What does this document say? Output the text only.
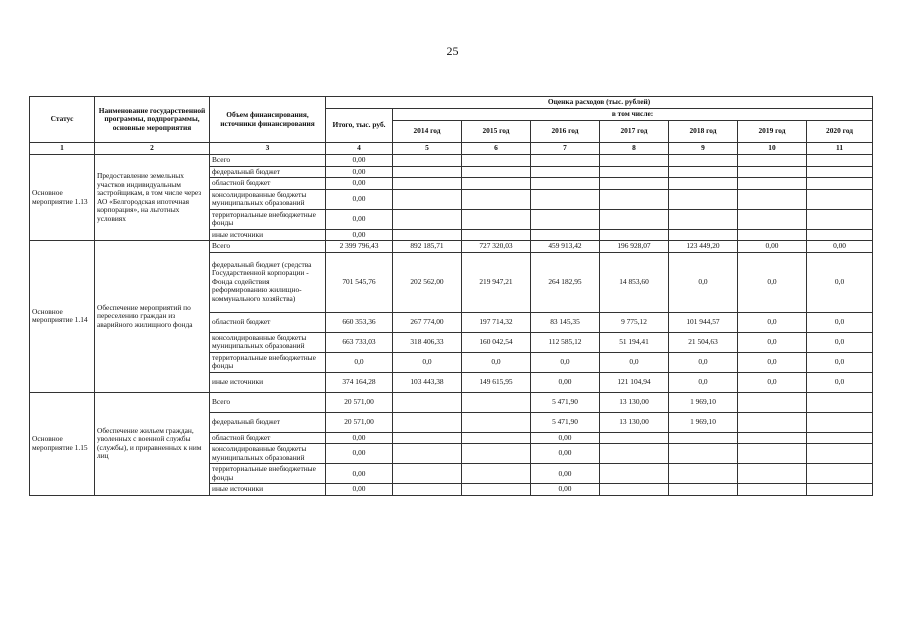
25
Статус	Наименование государственной программы, подпрограммы, основные мероприятия	Объем финансирования, источники финансирования	Оценка расходов (тыс. рублей)							
			Итого, тыс. руб.	в том числе:						
				2014 год	2015 год	2016 год	2017 год	2018 год	2019 год	2020 год
1	2	3	4	5	6	7	8	9	10	11
Основное мероприятие 1.13	Предоставление земельных участков индивидуальным застройщикам, в том числе через АО «Белгородская ипотечная корпорация», на льготных условиях	Всего	0,00							
		федеральный бюджет	0,00							
		областной бюджет	0,00							
		консолидированные бюджеты муниципальных образований	0,00							
		территориальные внебюджетные фонды	0,00							
		иные источники	0,00							
Основное мероприятие 1.14	Обеспечение мероприятий по переселению граждан из аварийного жилищного фонда	Всего	2 399 796,43	892 185,71	727 320,03	459 913,42	196 928,07	123 449,20	0,00	0,00
		федеральный бюджет (средства Государственной корпорации - Фонда содействия реформированию жилищно-коммунального хозяйства)	701 545,76	202 562,00	219 947,21	264 182,95	14 853,60	0,0	0,0	0,0
		областной бюджет	660 353,36	267 774,00	197 714,32	83 145,35	9 775,12	101 944,57	0,0	0,0
		консолидированные бюджеты муниципальных образований	663 733,03	318 406,33	160 042,54	112 585,12	51 194,41	21 504,63	0,0	0,0
		территориальные внебюджетные фонды	0,0	0,0	0,0	0,0	0,0	0,0	0,0	0,0
		иные источники	374 164,28	103 443,38	149 615,95	0,00	121 104,94	0,0	0,0	0,0
Основное мероприятие 1.15	Обеспечение жильем граждан, уволенных с военной службы (службы), и приравненных к ним лиц	Всего	20 571,00			5 471,90	13 130,00	1 969,10		
		федеральный бюджет	20 571,00			5 471,90	13 130,00	1 969,10		
		областной бюджет	0,00			0,00				
		консолидированные бюджеты муниципальных образований	0,00			0,00				
		территориальные внебюджетные фонды	0,00			0,00				
		иные источники	0,00			0,00				
